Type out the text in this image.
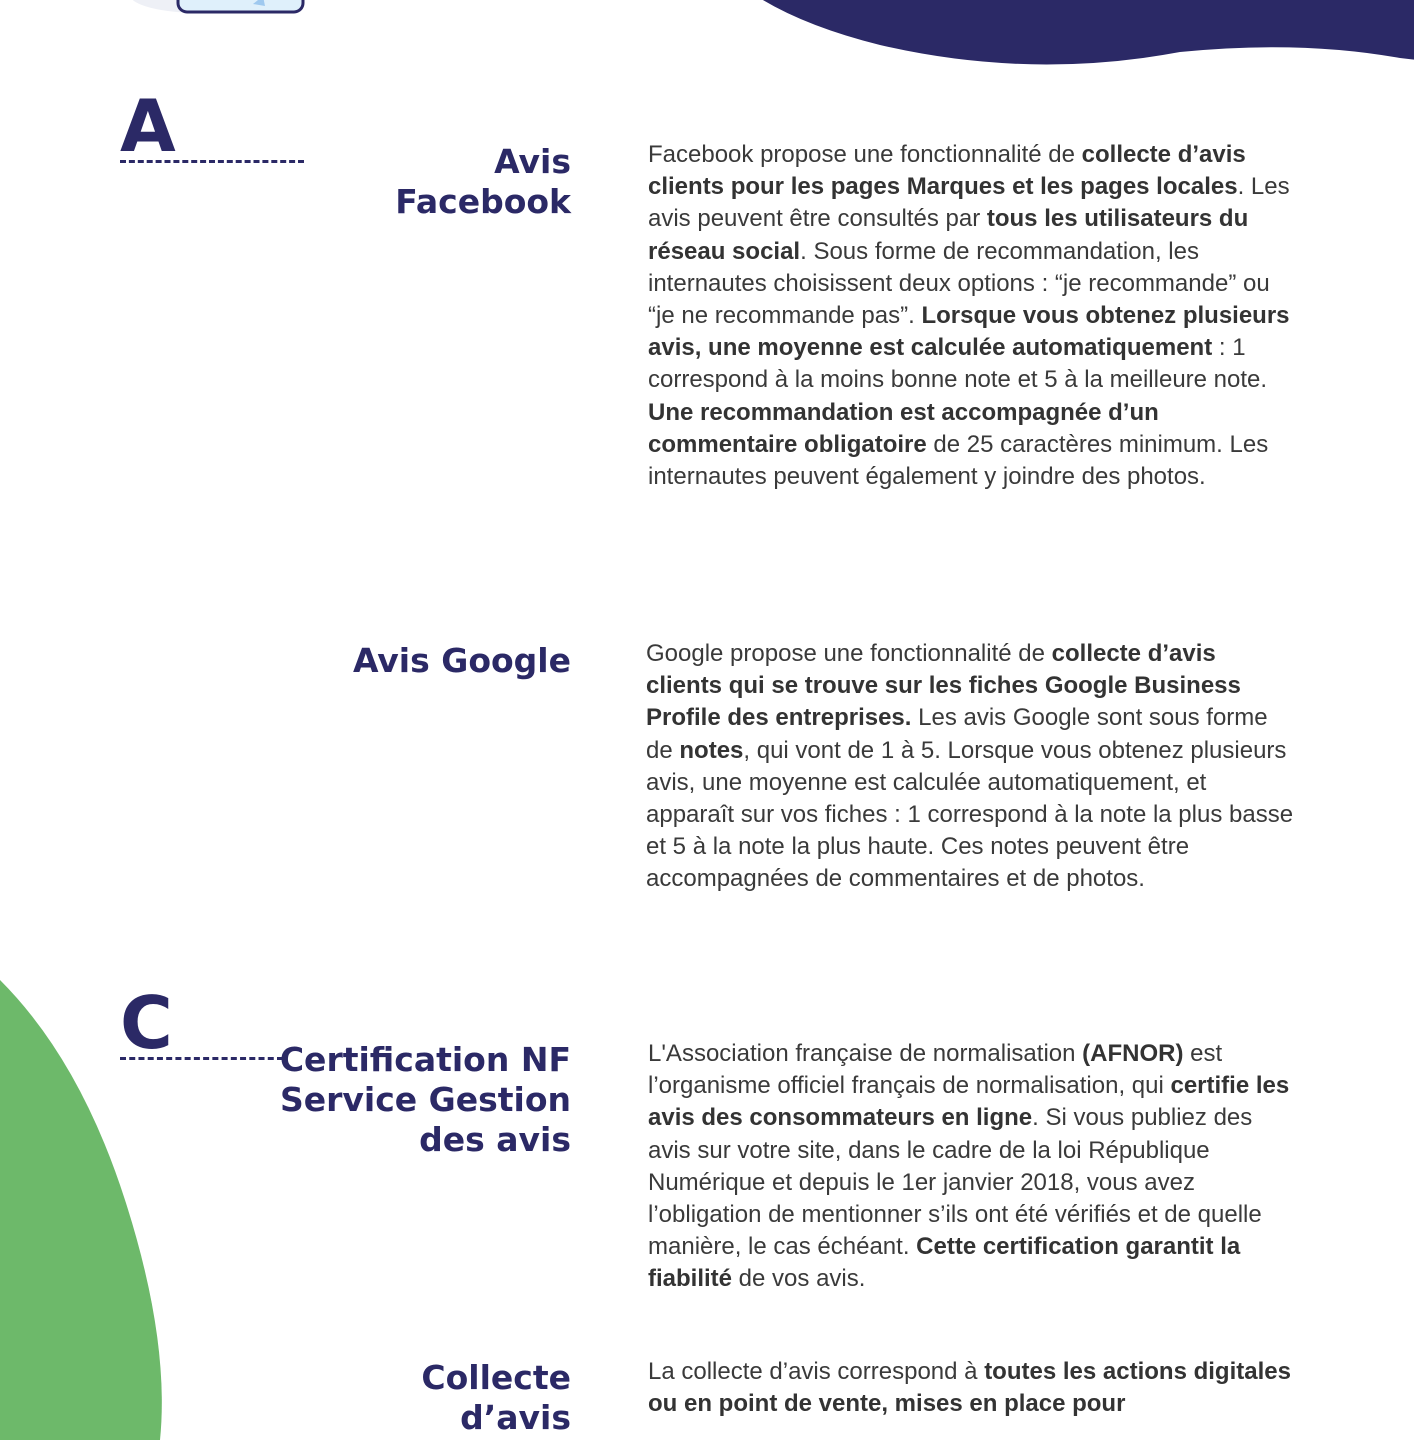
A
C
Avis
Facebook
Facebook propose une fonctionnalité de collecte d’avis clients pour les pages Marques et les pages locales. Les avis peuvent être consultés par tous les utilisateurs du réseau social. Sous forme de recommandation, les internautes choisissent deux options : “je recommande” ou “je ne recommande pas”. Lorsque vous obtenez plusieurs avis, une moyenne est calculée automatiquement : 1 correspond à la moins bonne note et 5 à la meilleure note. Une recommandation est accompagnée d’un commentaire obligatoire de 25 caractères minimum. Les internautes peuvent également y joindre des photos.
Avis Google	Google propose une fonctionnalité de collecte d’avis clients qui se trouve sur les fiches Google Business Profile des entreprises. Les avis Google sont sous forme de notes, qui vont de 1 à 5. Lorsque vous obtenez plusieurs avis, une moyenne est calculée automatiquement, et apparaît sur vos fiches : 1 correspond à la note la plus basse et 5 à la note la plus haute. Ces notes peuvent être accompagnées de commentaires et de photos.
Certification NF
Service Gestion
des avis
L'Association française de normalisation (AFNOR) est l’organisme officiel français de normalisation, qui certifie les avis des consommateurs en ligne. Si vous publiez des avis sur votre site, dans le cadre de la loi République Numérique et depuis le 1er janvier 2018, vous avez l’obligation de mentionner s’ils ont été vérifiés et de quelle manière, le cas échéant. Cette certification garantit la fiabilité de vos avis.
Collecte
d’avis
La collecte d’avis correspond à toutes les actions digitales ou en point de vente, mises en place pour
